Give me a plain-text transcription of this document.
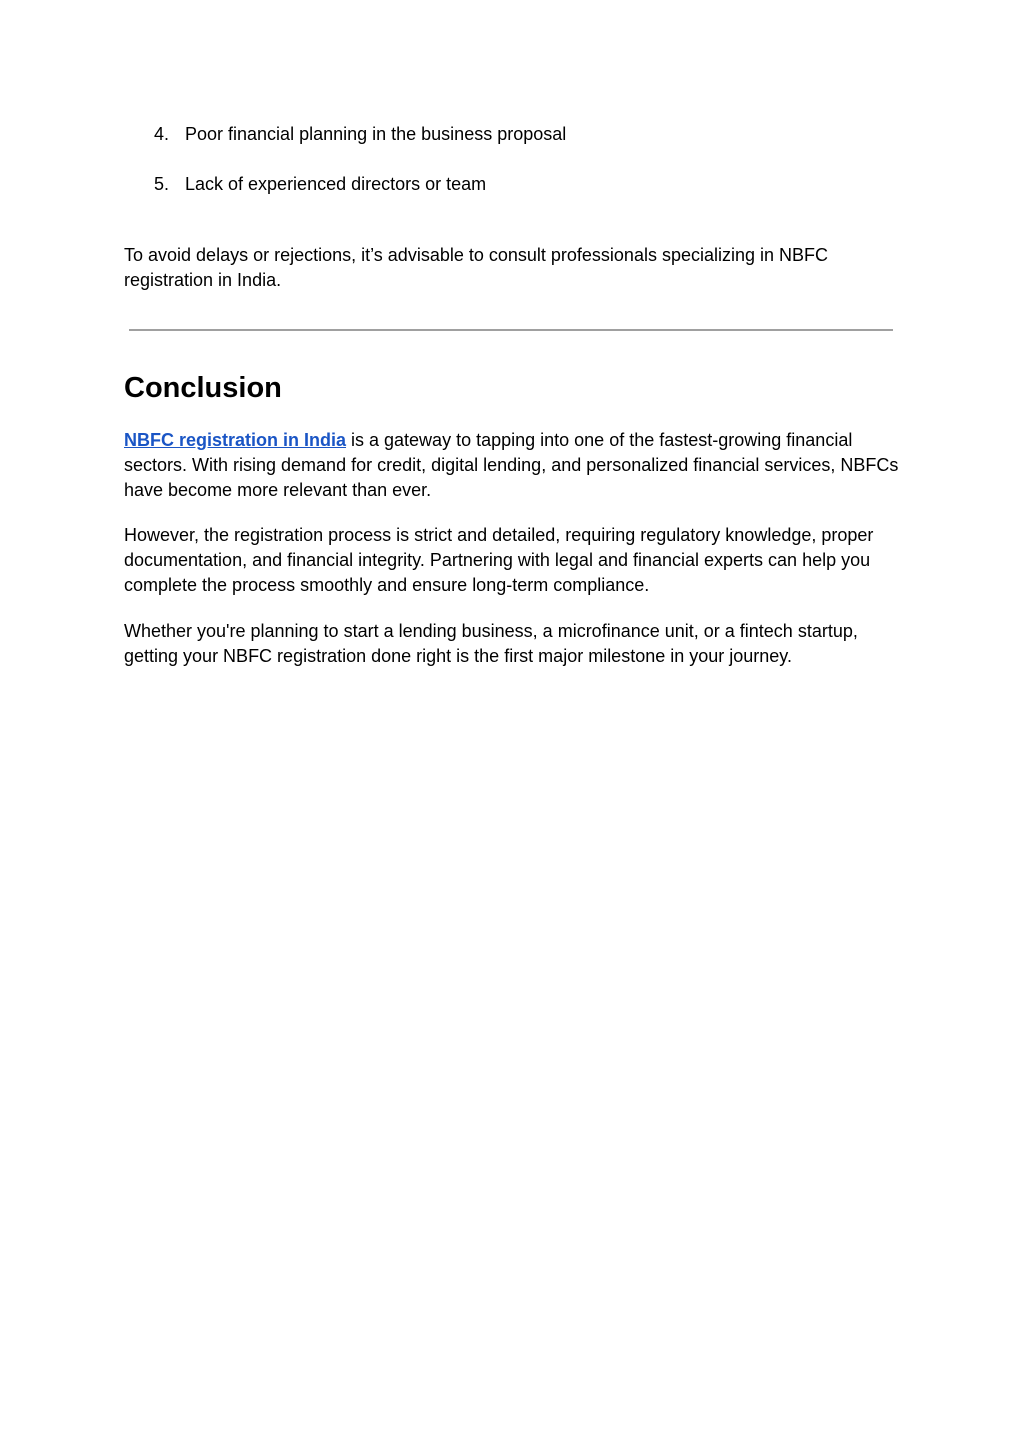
4. Poor financial planning in the business proposal
5. Lack of experienced directors or team

To avoid delays or rejections, it’s advisable to consult professionals specializing in NBFC registration in India.

Conclusion

NBFC registration in India is a gateway to tapping into one of the fastest-growing financial sectors. With rising demand for credit, digital lending, and personalized financial services, NBFCs have become more relevant than ever.

However, the registration process is strict and detailed, requiring regulatory knowledge, proper documentation, and financial integrity. Partnering with legal and financial experts can help you complete the process smoothly and ensure long-term compliance.

Whether you're planning to start a lending business, a microfinance unit, or a fintech startup, getting your NBFC registration done right is the first major milestone in your journey.
